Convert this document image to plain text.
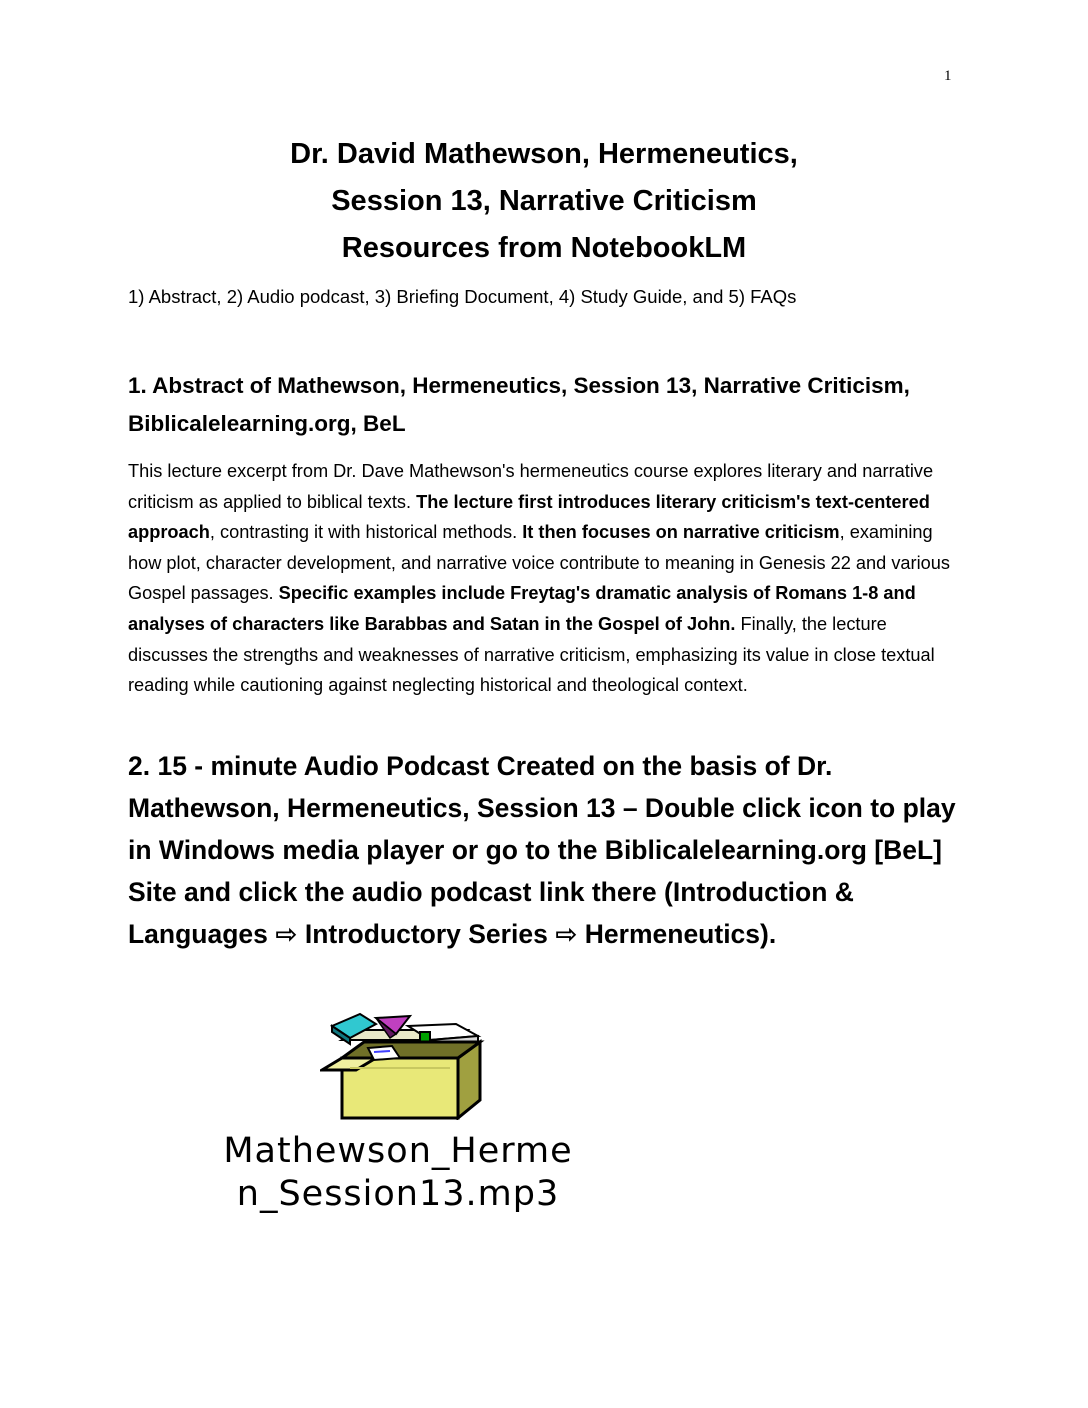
1
Dr. David Mathewson, Hermeneutics,
Session 13, Narrative Criticism
Resources from NotebookLM
1) Abstract, 2) Audio podcast, 3) Briefing Document, 4) Study Guide, and 5) FAQs
1. Abstract of Mathewson, Hermeneutics, Session 13, Narrative Criticism, Biblicalelearning.org, BeL

This lecture excerpt from Dr. Dave Mathewson's hermeneutics course explores literary and narrative criticism as applied to biblical texts. The lecture first introduces literary criticism's text-centered approach, contrasting it with historical methods. It then focuses on narrative criticism, examining how plot, character development, and narrative voice contribute to meaning in Genesis 22 and various Gospel passages. Specific examples include Freytag's dramatic analysis of Romans 1-8 and analyses of characters like Barabbas and Satan in the Gospel of John. Finally, the lecture discusses the strengths and weaknesses of narrative criticism, emphasizing its value in close textual reading while cautioning against neglecting historical and theological context.

2. 15 - minute Audio Podcast Created on the basis of Dr. Mathewson, Hermeneutics, Session 13 – Double click icon to play in Windows media player or go to the Biblicalelearning.org [BeL] Site and click the audio podcast link there (Introduction & Languages ⇨ Introductory Series ⇨ Hermeneutics).
Mathewson_Herme
n_Session13.mp3
